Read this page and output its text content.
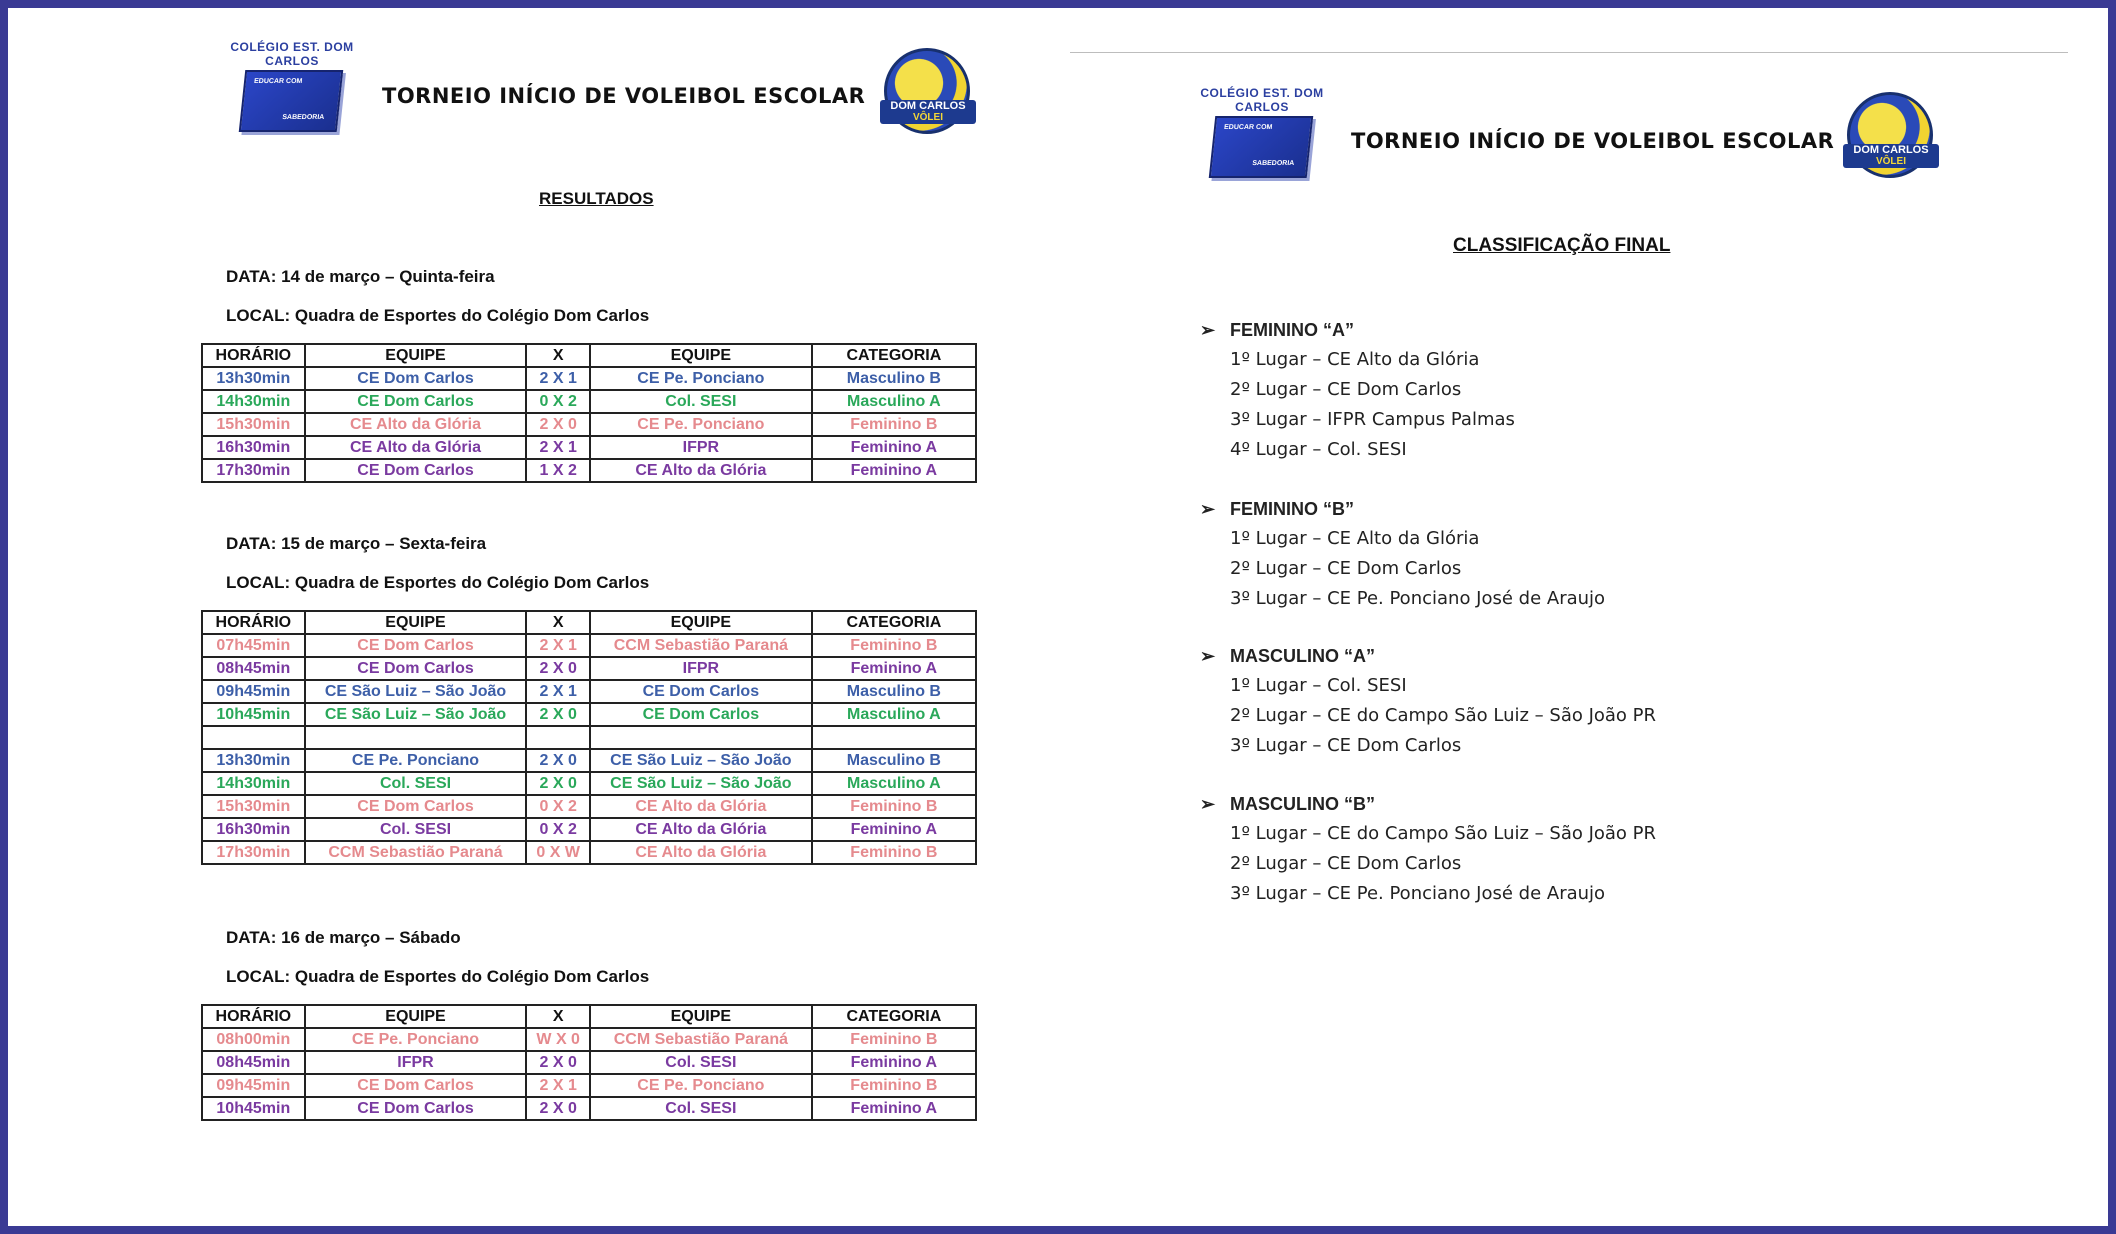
COLÉGIO EST. DOM CARLOS
EDUCAR COM
SABEDORIA
TORNEIO INÍCIO DE VOLEIBOL ESCOLAR	DOM CARLOS
VÔLEI
RESULTADOS
DATA: 14 de março – Quinta-feira
LOCAL: Quadra de Esportes do Colégio Dom Carlos
HORÁRIO	EQUIPE	X	EQUIPE	CATEGORIA
13h30min	CE Dom Carlos	2 X 1	CE Pe. Ponciano	Masculino B
14h30min	CE Dom Carlos	0 X 2	Col. SESI	Masculino A
15h30min	CE Alto da Glória	2 X 0	CE Pe. Ponciano	Feminino B
16h30min	CE Alto da Glória	2 X 1	IFPR	Feminino A
17h30min	CE Dom Carlos	1 X 2	CE Alto da Glória	Feminino A
DATA: 15 de março – Sexta-feira
LOCAL: Quadra de Esportes do Colégio Dom Carlos
HORÁRIO	EQUIPE	X	EQUIPE	CATEGORIA
07h45min	CE Dom Carlos	2 X 1	CCM Sebastião Paraná	Feminino B
08h45min	CE Dom Carlos	2 X 0	IFPR	Feminino A
09h45min	CE São Luiz – São João	2 X 1	CE Dom Carlos	Masculino B
10h45min	CE São Luiz – São João	2 X 0	CE Dom Carlos	Masculino A

13h30min	CE Pe. Ponciano	2 X 0	CE São Luiz – São João	Masculino B
14h30min	Col. SESI	2 X 0	CE São Luiz – São João	Masculino A
15h30min	CE Dom Carlos	0 X 2	CE Alto da Glória	Feminino B
16h30min	Col. SESI	0 X 2	CE Alto da Glória	Feminino A
17h30min	CCM Sebastião Paraná	0 X W	CE Alto da Glória	Feminino B
DATA: 16 de março – Sábado
LOCAL: Quadra de Esportes do Colégio Dom Carlos
HORÁRIO	EQUIPE	X	EQUIPE	CATEGORIA
08h00min	CE Pe. Ponciano	W X 0	CCM Sebastião Paraná	Feminino B
08h45min	IFPR	2 X 0	Col. SESI	Feminino A
09h45min	CE Dom Carlos	2 X 1	CE Pe. Ponciano	Feminino B
10h45min	CE Dom Carlos	2 X 0	Col. SESI	Feminino A
COLÉGIO EST. DOM CARLOS
EDUCAR COM
SABEDORIA
TORNEIO INÍCIO DE VOLEIBOL ESCOLAR	DOM CARLOS
VÔLEI
CLASSIFICAÇÃO FINAL
➢ FEMININO “A”
1º Lugar – CE Alto da Glória
2º Lugar – CE Dom Carlos
3º Lugar – IFPR Campus Palmas
4º Lugar – Col. SESI
➢ FEMININO “B”
1º Lugar – CE Alto da Glória
2º Lugar – CE Dom Carlos
3º Lugar – CE Pe. Ponciano José de Araujo
➢ MASCULINO “A”
1º Lugar – Col. SESI
2º Lugar – CE do Campo São Luiz – São João PR
3º Lugar – CE Dom Carlos
➢ MASCULINO “B”
1º Lugar – CE do Campo São Luiz – São João PR
2º Lugar – CE Dom Carlos
3º Lugar – CE Pe. Ponciano José de Araujo
